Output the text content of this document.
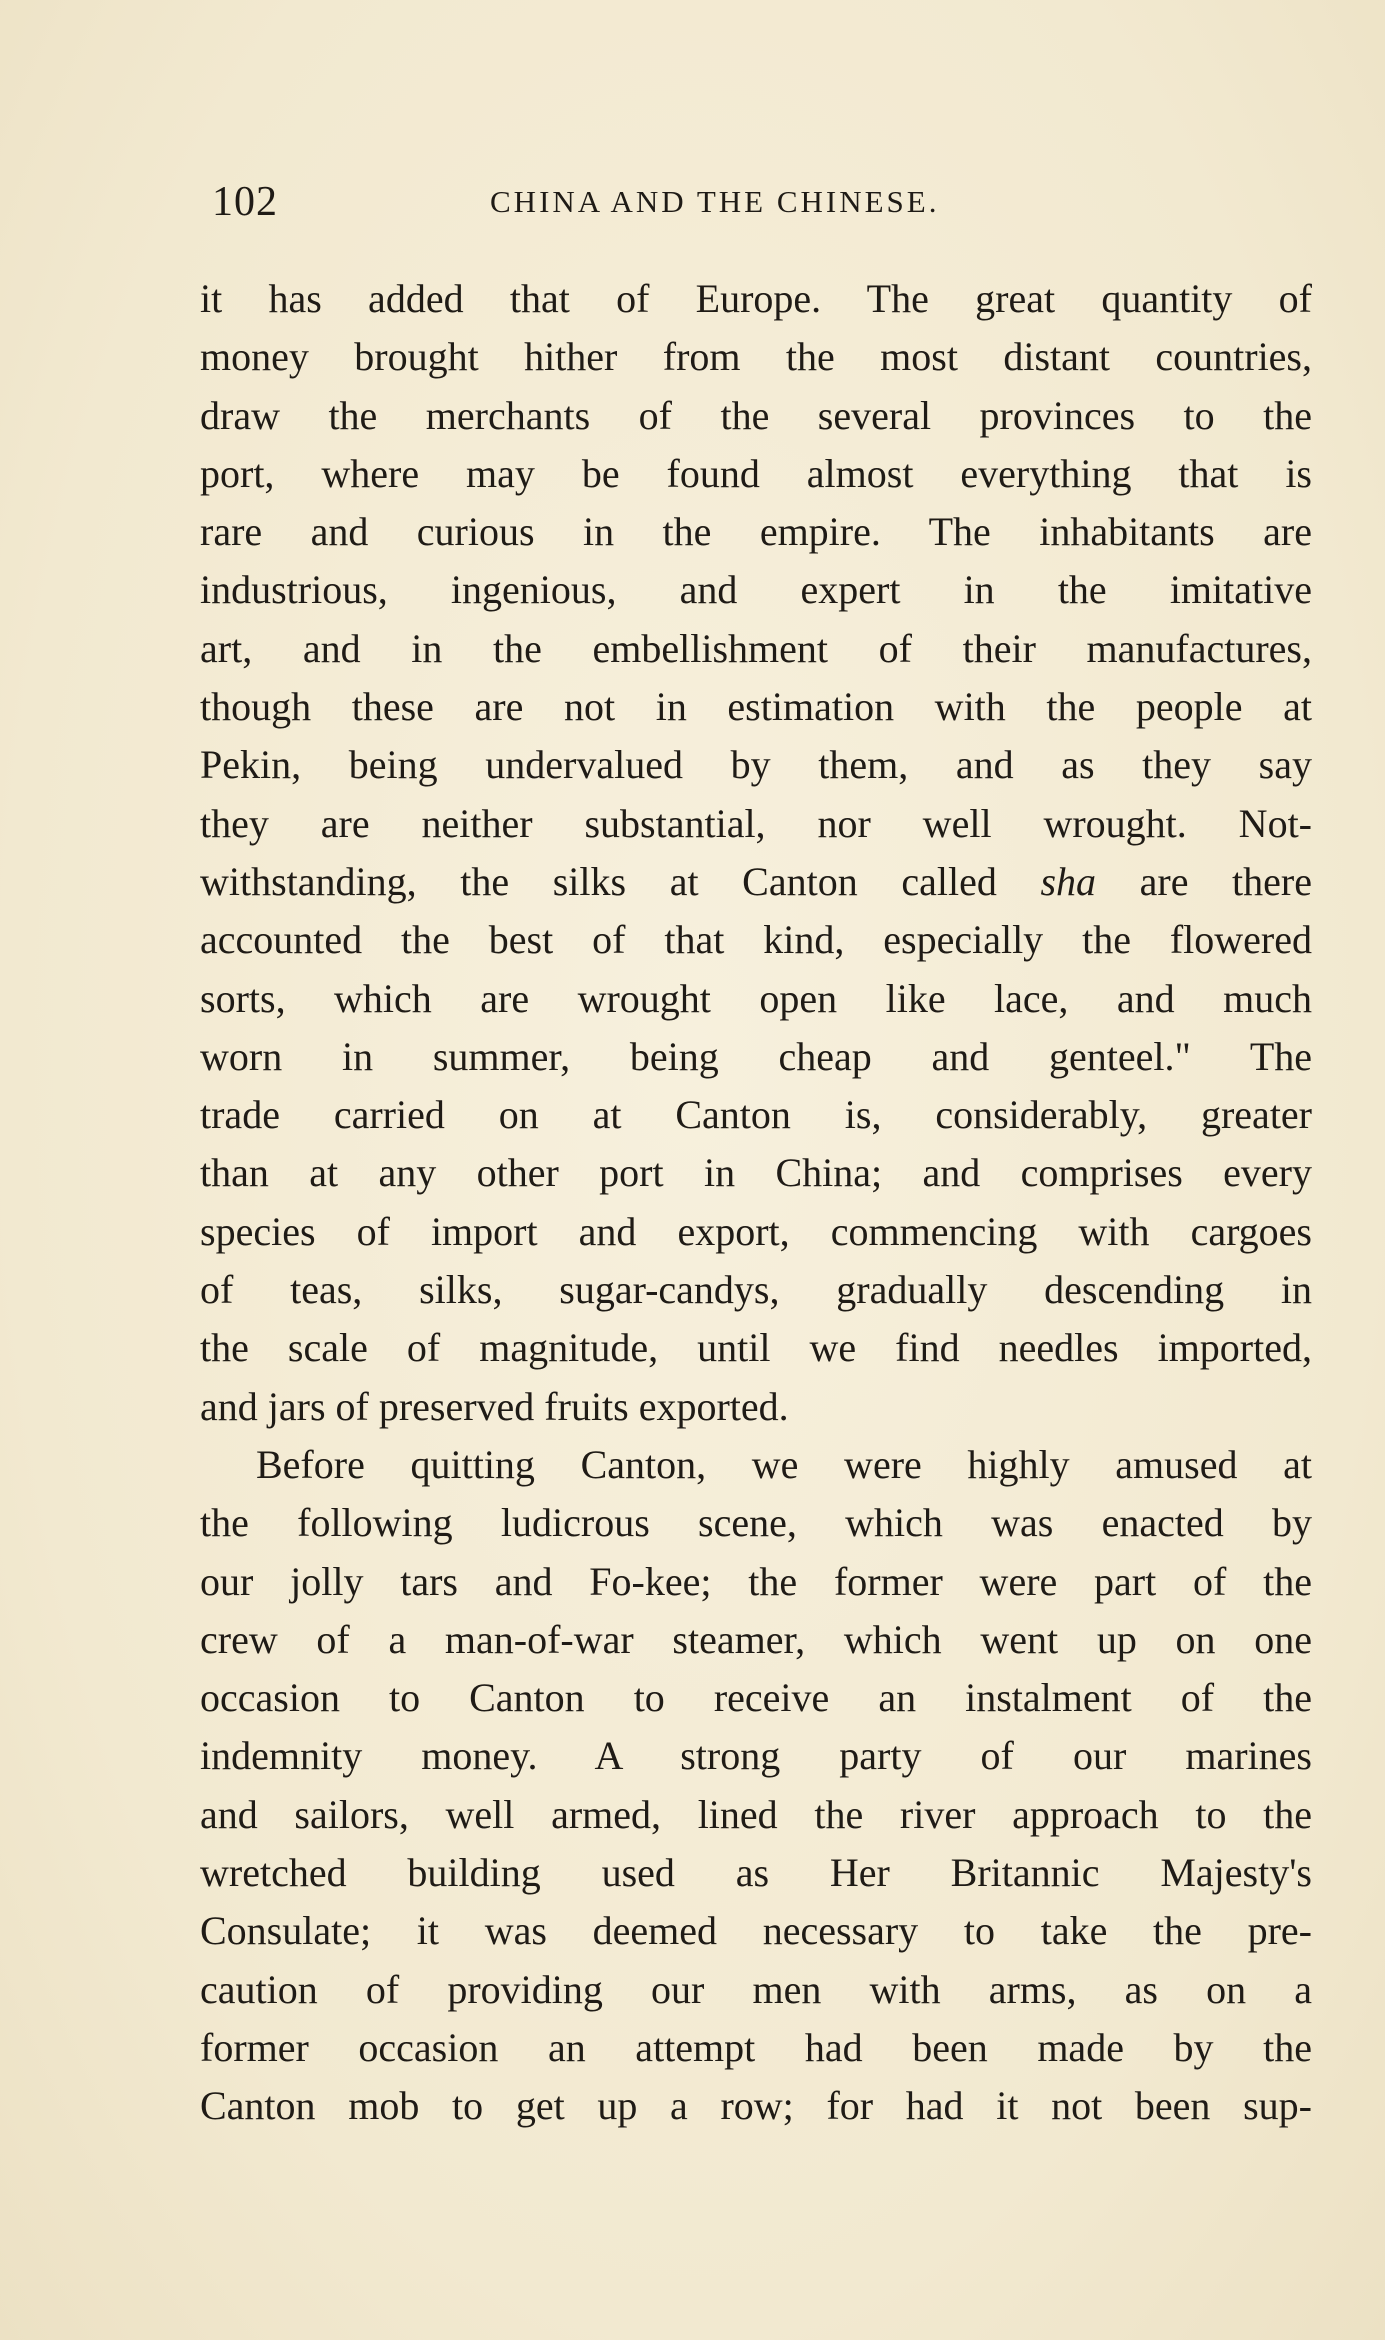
102	CHINA AND THE CHINESE.
it has added that of Europe. The great quantity of
money brought hither from the most distant countries,
draw the merchants of the several provinces to the
port, where may be found almost everything that is
rare and curious in the empire. The inhabitants are
industrious, ingenious, and expert in the imitative
art, and in the embellishment of their manufactures,
though these are not in estimation with the people at
Pekin, being undervalued by them, and as they say
they are neither substantial, nor well wrought. Not-
withstanding, the silks at Canton called sha are there
accounted the best of that kind, especially the flowered
sorts, which are wrought open like lace, and much
worn in summer, being cheap and genteel." The
trade carried on at Canton is, considerably, greater
than at any other port in China; and comprises every
species of import and export, commencing with cargoes
of teas, silks, sugar-candys, gradually descending in
the scale of magnitude, until we find needles imported,
and jars of preserved fruits exported.
Before quitting Canton, we were highly amused at
the following ludicrous scene, which was enacted by
our jolly tars and Fo-kee; the former were part of the
crew of a man-of-war steamer, which went up on one
occasion to Canton to receive an instalment of the
indemnity money. A strong party of our marines
and sailors, well armed, lined the river approach to the
wretched building used as Her Britannic Majesty's
Consulate; it was deemed necessary to take the pre-
caution of providing our men with arms, as on a
former occasion an attempt had been made by the
Canton mob to get up a row; for had it not been sup-
